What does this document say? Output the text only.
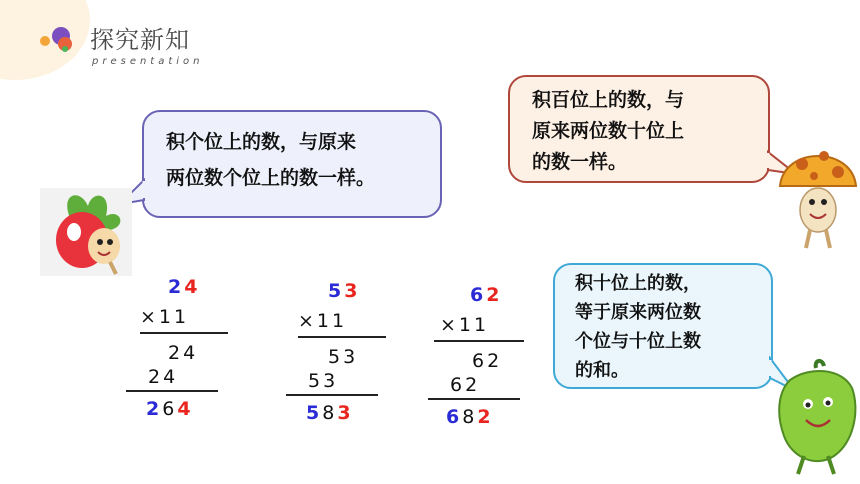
探究新知
presentation
积个位上的数，与原来
两位数个位上的数一样。
积百位上的数，与
原来两位数十位上
的数一样。
积十位上的数，
等于原来两位数
个位与十位上数
的和。
24
×11
24
24
264
53
×11
53
53
583
62
×11
62
62
682
